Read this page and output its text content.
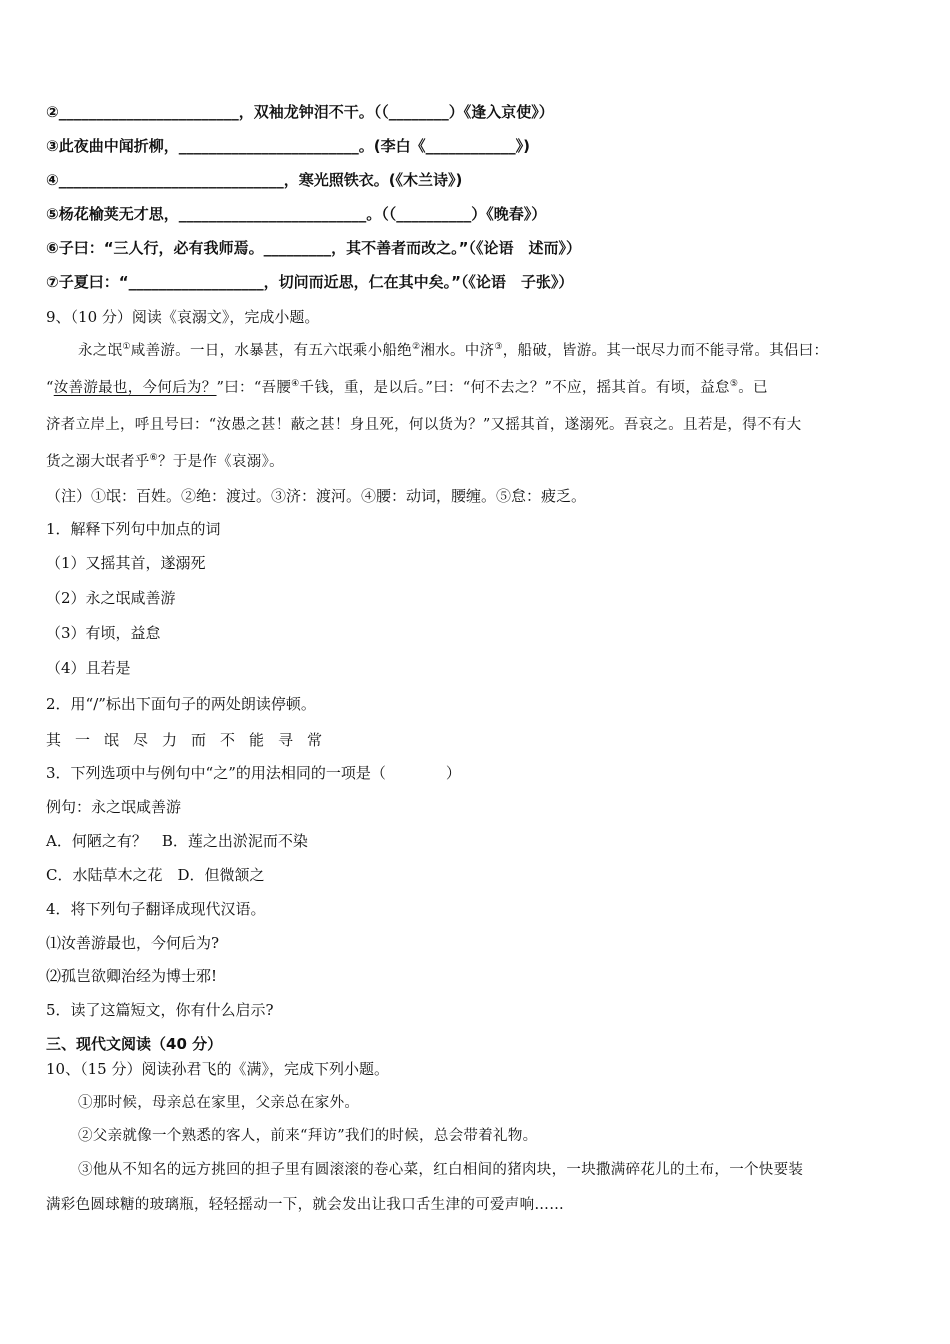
②________________________，双袖龙钟泪不干。（（________）《逢入京使》）
③此夜曲中闻折柳，________________________。(李白《____________》)
④______________________________，寒光照铁衣。(《木兰诗》)
⑤杨花榆荚无才思，_________________________。（（__________）《晚春》）
⑥子曰：“三人行，必有我师焉。_________，其不善者而改之。”（《论语　述而》）
⑦子夏曰：“__________________，切问而近思，仁在其中矣。”（《论语　子张》）
9、（10 分）阅读《哀溺文》，完成小题。
永之氓①咸善游。一日，水暴甚，有五六氓乘小船绝②湘水。中济③，船破，皆游。其一氓尽力而不能寻常。其侣曰：
“汝善游最也，今何后为？”曰：“吾腰④千钱，重，是以后。”曰：“何不去之？”不应，摇其首。有顷，益怠⑤。已
济者立岸上，呼且号曰：“汝愚之甚！蔽之甚！身且死，何以货为？”又摇其首，遂溺死。吾哀之。且若是，得不有大
货之溺大氓者乎⑥？于是作《哀溺》。
（注）①氓：百姓。②绝：渡过。③济：渡河。④腰：动词，腰缠。⑤怠：疲乏。
1．解释下列句中加点的词
（1）又摇其首，遂溺死
（2）永之氓咸善游
（3）有顷，益怠
（4）且若是
2．用“/”标出下面句子的两处朗读停顿。
其一氓尽力而不能寻常
3．下列选项中与例句中“之”的用法相同的一项是（　　　　）
例句：永之氓咸善游
A．何陋之有？　B．莲之出淤泥而不染
C．水陆草木之花　D．但微颔之
4．将下列句子翻译成现代汉语。
⑴汝善游最也，今何后为?
⑵孤岂欲卿治经为博士邪!
5．读了这篇短文，你有什么启示?
三、现代文阅读（40 分）
10、（15 分）阅读孙君飞的《满》，完成下列小题。
①那时候，母亲总在家里，父亲总在家外。
②父亲就像一个熟悉的客人，前来“拜访”我们的时候，总会带着礼物。
③他从不知名的远方挑回的担子里有圆滚滚的卷心菜，红白相间的猪肉块，一块撒满碎花儿的土布，一个快要装
满彩色圆球糖的玻璃瓶，轻轻摇动一下，就会发出让我口舌生津的可爱声响……
